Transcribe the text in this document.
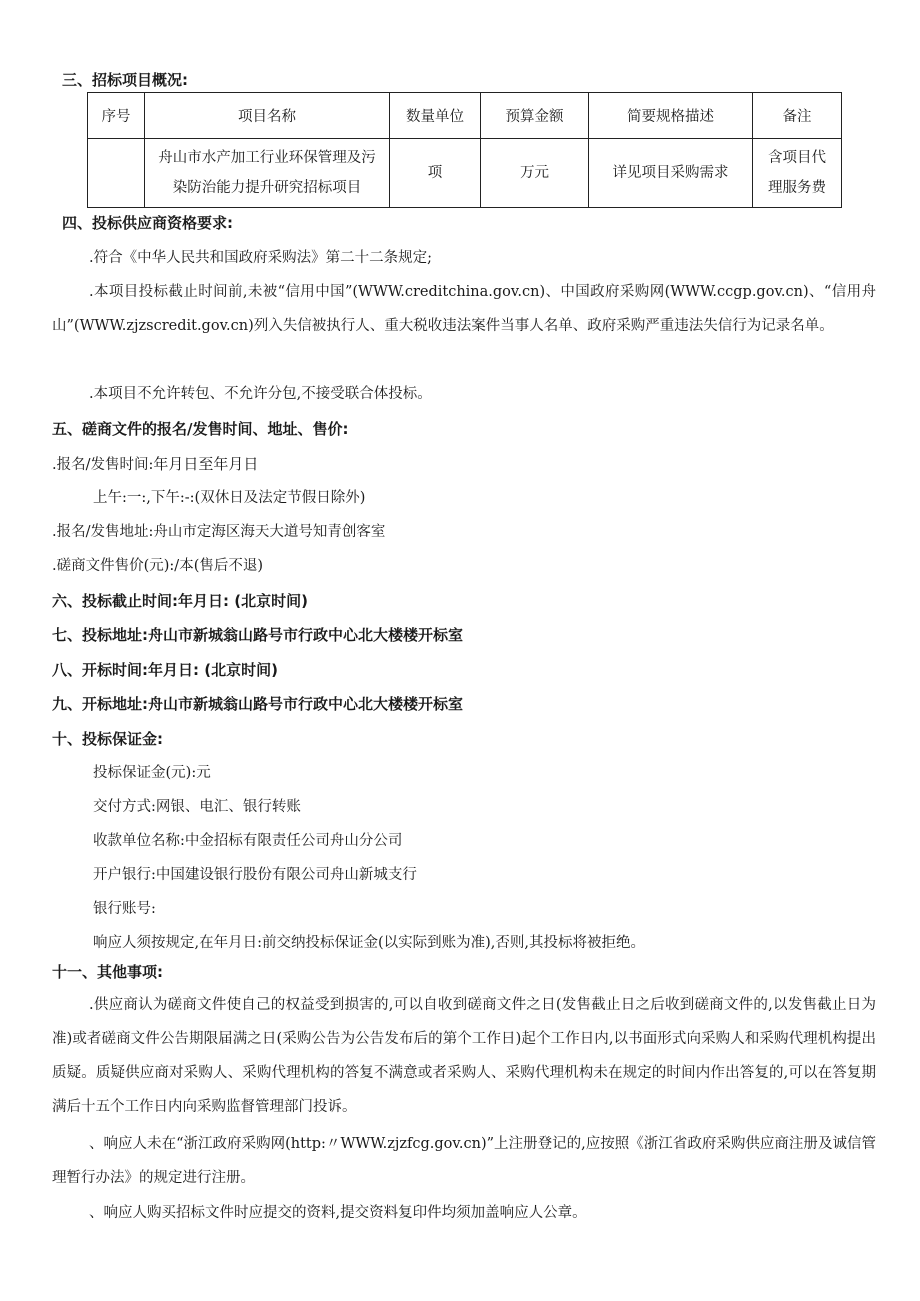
三、招标项目概况:
序号	项目名称	数量单位	预算金额	简要规格描述	备注
	舟山市水产加工行业环保管理及污染防治能力提升研究招标项目	项	万元	详见项目采购需求	含项目代理服务费
四、投标供应商资格要求:
.符合《中华人民共和国政府采购法》第二十二条规定;
.本项目投标截止时间前,未被“信用中国”(WWW.creditchina.gov.cn)、中国政府采购网(WWW.ccgp.gov.cn)、“信用舟山”(WWW.zjzscredit.gov.cn)列入失信被执行人、重大税收违法案件当事人名单、政府采购严重违法失信行为记录名单。
.本项目不允许转包、不允许分包,不接受联合体投标。
五、磋商文件的报名/发售时间、地址、售价:
.报名/发售时间:年月日至年月日
上午:一:,下午:-:(双休日及法定节假日除外)
.报名/发售地址:舟山市定海区海天大道号知青创客室
.磋商文件售价(元):/本(售后不退)
六、投标截止时间:年月日: (北京时间)
七、投标地址:舟山市新城翁山路号市行政中心北大楼楼开标室
八、开标时间:年月日: (北京时间)
九、开标地址:舟山市新城翁山路号市行政中心北大楼楼开标室
十、投标保证金:
投标保证金(元):元
交付方式:网银、电汇、银行转账
收款单位名称:中金招标有限责任公司舟山分公司
开户银行:中国建设银行股份有限公司舟山新城支行
银行账号:
响应人须按规定,在年月日:前交纳投标保证金(以实际到账为准),否则,其投标将被拒绝。
十一、其他事项:
.供应商认为磋商文件使自己的权益受到损害的,可以自收到磋商文件之日(发售截止日之后收到磋商文件的,以发售截止日为准)或者磋商文件公告期限届满之日(采购公告为公告发布后的第个工作日)起个工作日内,以书面形式向采购人和采购代理机构提出质疑。质疑供应商对采购人、采购代理机构的答复不满意或者采购人、采购代理机构未在规定的时间内作出答复的,可以在答复期满后十五个工作日内向采购监督管理部门投诉。
、响应人未在“浙江政府采购网(http:〃WWW.zjzfcg.gov.cn)”上注册登记的,应按照《浙江省政府采购供应商注册及诚信管理暂行办法》的规定进行注册。
、响应人购买招标文件时应提交的资料,提交资料复印件均须加盖响应人公章。
